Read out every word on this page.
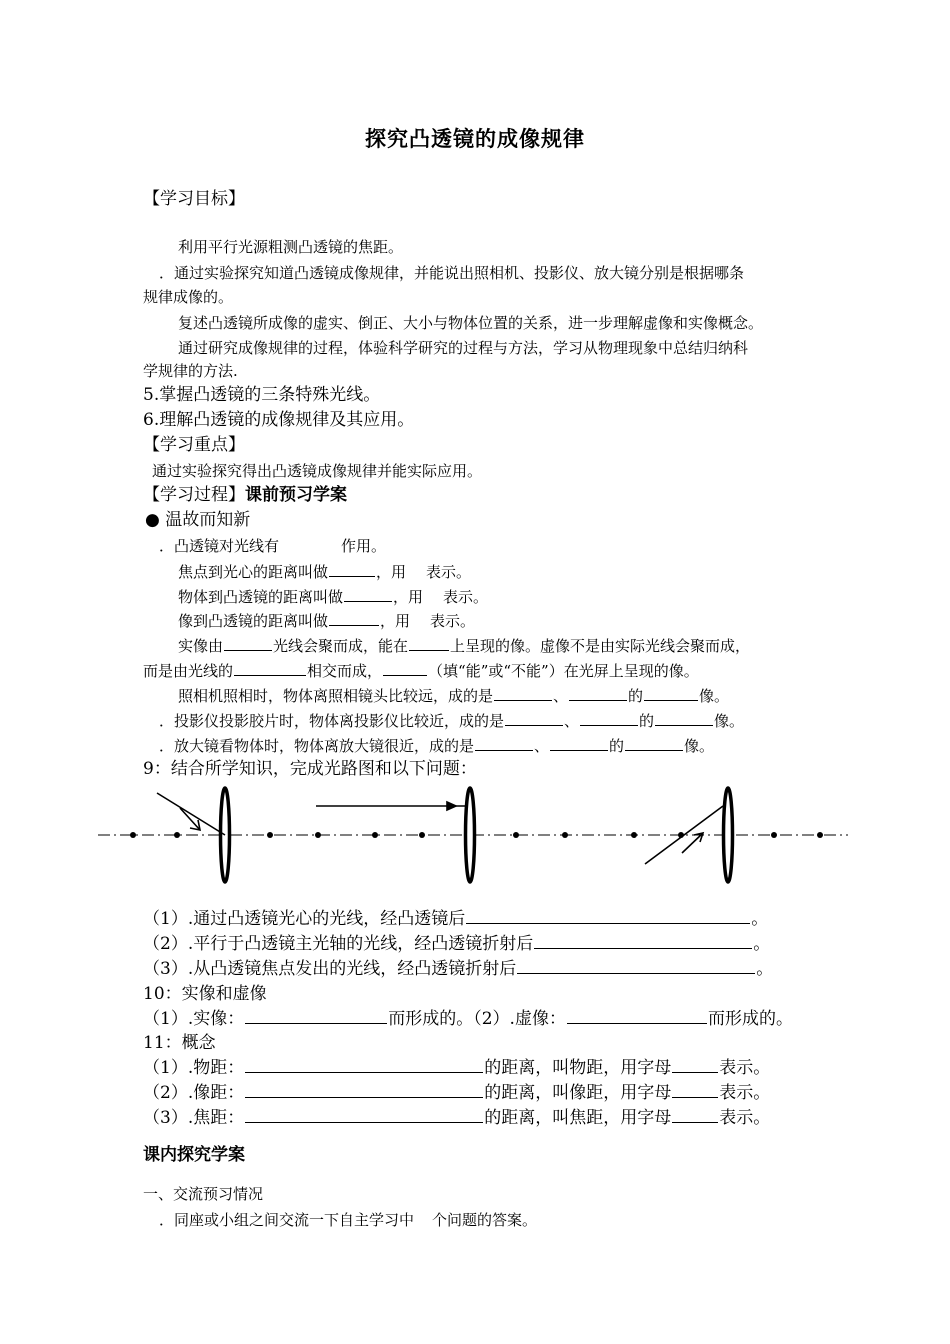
探究凸透镜的成像规律
【学习目标】
利用平行光源粗测凸透镜的焦距。
．通过实验探究知道凸透镜成像规律，并能说出照相机、投影仪、放大镜分别是根据哪条
规律成像的。
复述凸透镜所成像的虚实、倒正、大小与物体位置的关系，进一步理解虚像和实像概念。
通过研究成像规律的过程，体验科学研究的过程与方法，学习从物理现象中总结归纳科
学规律的方法.
5.掌握凸透镜的三条特殊光线。
6.理解凸透镜的成像规律及其应用。
【学习重点】
通过实验探究得出凸透镜成像规律并能实际应用。
【学习过程】课前预习学案
● 温故而知新
．凸透镜对光线有	作用。
焦点到光心的距离叫做	，用 表示。
物体到凸透镜的距离叫做	，用 表示。
像到凸透镜的距离叫做	，用 表示。
实像由	光线会聚而成，能在	上呈现的像。虚像不是由实际光线会聚而成，
而是由光线的	相交而成，	（填“能”或“不能”）在光屏上呈现的像。
照相机照相时，物体离照相镜头比较远，成的是	、	的	像。
．投影仪投影胶片时，物体离投影仪比较近，成的是	、	的	像。
．放大镜看物体时，物体离放大镜很近，成的是	、	的	像。
9：结合所学知识，完成光路图和以下问题：
（1）.通过凸透镜光心的光线，经凸透镜后	。
（2）.平行于凸透镜主光轴的光线，经凸透镜折射后	。
（3）.从凸透镜焦点发出的光线，经凸透镜折射后	。
10：实像和虚像
（1）.实像：	而形成的。（2）.虚像：	而形成的。
11：概念
（1）.物距：	的距离，叫物距，用字母	表示。
（2）.像距：	的距离，叫像距，用字母	表示。
（3）.焦距：	的距离，叫焦距，用字母	表示。
课内探究学案
一、交流预习情况
．同座或小组之间交流一下自主学习中 个问题的答案。
